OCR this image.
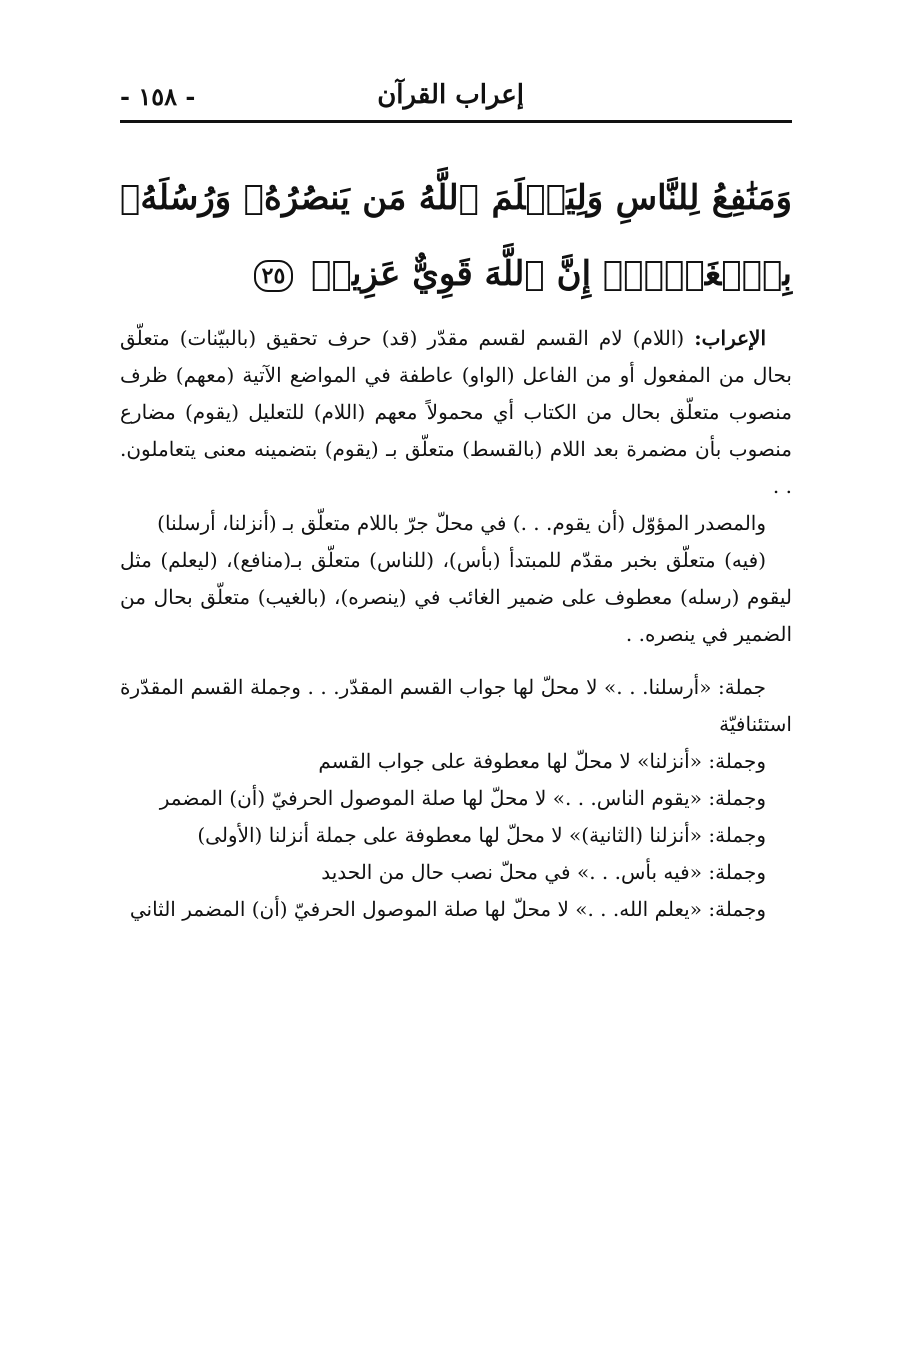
إعراب القرآن
- ١٥٨ -
وَمَنَٰفِعُ لِلنَّاسِ وَلِيَعۡلَمَ ٱللَّهُ مَن يَنصُرُهُۥ وَرُسُلَهُۥ بِٱلۡغَيۡبِۚ إِنَّ ٱللَّهَ قَوِيٌّ عَزِيزٞ ٢٥

الإعراب: (اللام) لام القسم لقسم مقدّر (قد) حرف تحقيق (بالبيّنات) متعلّق بحال من المفعول أو من الفاعل (الواو) عاطفة في المواضع الآتية (معهم) ظرف منصوب متعلّق بحال من الكتاب أي محمولاً معهم (اللام) للتعليل (يقوم) مضارع منصوب بأن مضمرة بعد اللام (بالقسط) متعلّق بـ (يقوم) بتضمينه معنى يتعاملون. . .

والمصدر المؤوّل (أن يقوم. . .) في محلّ جرّ باللام متعلّق بـ (أنزلنا، أرسلنا)

(فيه) متعلّق بخبر مقدّم للمبتدأ (بأس)، (للناس) متعلّق بـ(منافع)، (ليعلم) مثل ليقوم (رسله) معطوف على ضمير الغائب في (ينصره)، (بالغيب) متعلّق بحال من الضمير في ينصره. .

جملة: «أرسلنا. . .» لا محلّ لها جواب القسم المقدّر. . . وجملة القسم المقدّرة استئنافيّة

وجملة: «أنزلنا» لا محلّ لها معطوفة على جواب القسم

وجملة: «يقوم الناس. . .» لا محلّ لها صلة الموصول الحرفيّ (أن) المضمر

وجملة: «أنزلنا (الثانية)» لا محلّ لها معطوفة على جملة أنزلنا (الأولى)

وجملة: «فيه بأس. . .» في محلّ نصب حال من الحديد

وجملة: «يعلم الله. . .» لا محلّ لها صلة الموصول الحرفيّ (أن) المضمر الثاني
